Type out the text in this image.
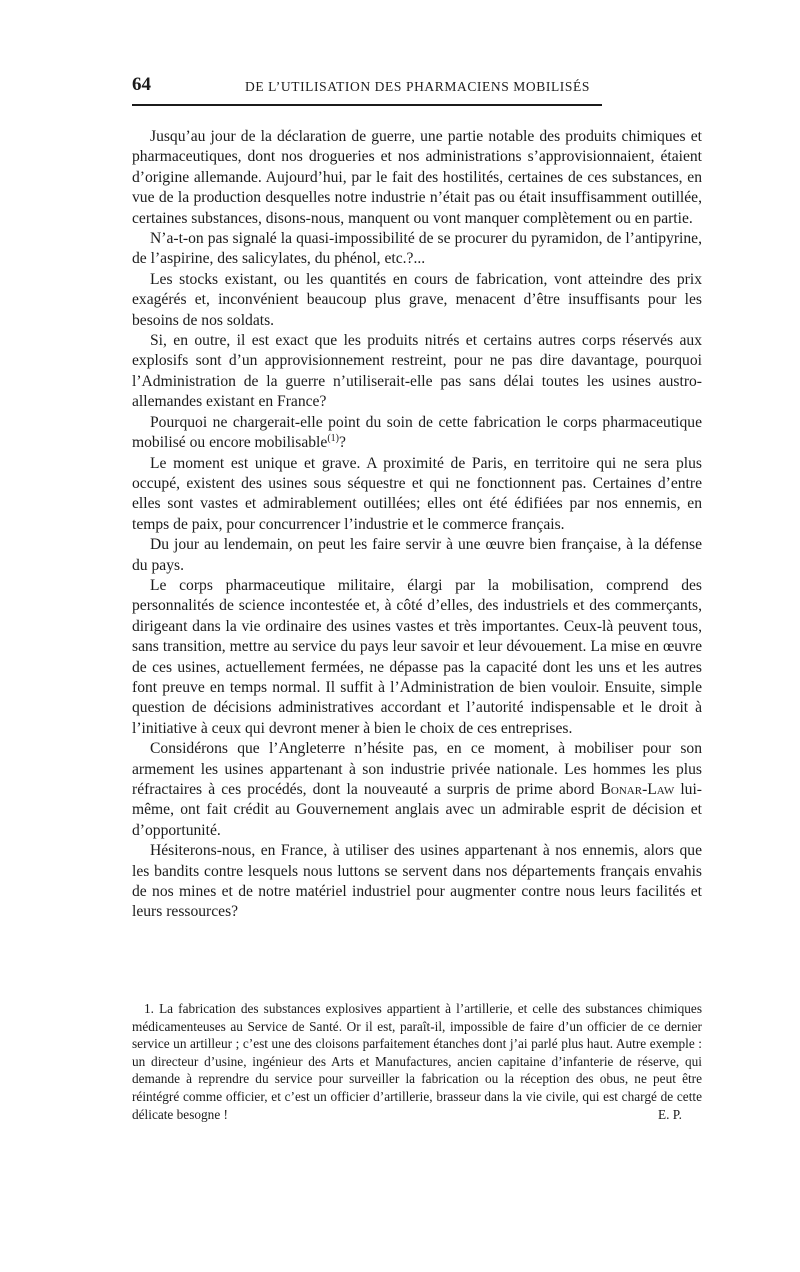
64	DE L’UTILISATION DES PHARMACIENS MOBILISÉS

Jusqu’au jour de la déclaration de guerre, une partie notable des produits chimiques et pharmaceutiques, dont nos drogueries et nos administrations s’approvisionnaient, étaient d’origine allemande. Aujourd’hui, par le fait des hostilités, certaines de ces substances, en vue de la production desquelles notre industrie n’était pas ou était insuffisamment outillée, certaines substances, disons-nous, manquent ou vont manquer complètement ou en partie.

N’a-t-on pas signalé la quasi-impossibilité de se procurer du pyramidon, de l’antipyrine, de l’aspirine, des salicylates, du phénol, etc.?...

Les stocks existant, ou les quantités en cours de fabrication, vont atteindre des prix exagérés et, inconvénient beaucoup plus grave, menacent d’être insuffisants pour les besoins de nos soldats.

Si, en outre, il est exact que les produits nitrés et certains autres corps réservés aux explosifs sont d’un approvisionnement restreint, pour ne pas dire davantage, pourquoi l’Administration de la guerre n’utiliserait-elle pas sans délai toutes les usines austro-allemandes existant en France?

Pourquoi ne chargerait-elle point du soin de cette fabrication le corps pharmaceutique mobilisé ou encore mobilisable$^{(1)}$?

Le moment est unique et grave. A proximité de Paris, en territoire qui ne sera plus occupé, existent des usines sous séquestre et qui ne fonctionnent pas. Certaines d’entre elles sont vastes et admirablement outillées; elles ont été édifiées par nos ennemis, en temps de paix, pour concurrencer l’industrie et le commerce français.

Du jour au lendemain, on peut les faire servir à une œuvre bien française, à la défense du pays.

Le corps pharmaceutique militaire, élargi par la mobilisation, comprend des personnalités de science incontestée et, à côté d’elles, des industriels et des commerçants, dirigeant dans la vie ordinaire des usines vastes et très importantes. Ceux-là peuvent tous, sans transition, mettre au service du pays leur savoir et leur dévouement. La mise en œuvre de ces usines, actuellement fermées, ne dépasse pas la capacité dont les uns et les autres font preuve en temps normal. Il suffit à l’Administration de bien vouloir. Ensuite, simple question de décisions administratives accordant et l’autorité indispensable et le droit à l’initiative à ceux qui devront mener à bien le choix de ces entreprises.

Considérons que l’Angleterre n’hésite pas, en ce moment, à mobiliser pour son armement les usines appartenant à son industrie privée nationale. Les hommes les plus réfractaires à ces procédés, dont la nouveauté a surpris de prime abord Bonar-Law lui-même, ont fait crédit au Gouvernement anglais avec un admirable esprit de décision et d’opportunité.

Hésiterons-nous, en France, à utiliser des usines appartenant à nos ennemis, alors que les bandits contre lesquels nous luttons se servent dans nos départements français envahis de nos mines et de notre matériel industriel pour augmenter contre nous leurs facilités et leurs ressources?

1. La fabrication des substances explosives appartient à l’artillerie, et celle des substances chimiques médicamenteuses au Service de Santé. Or il est, paraît-il, impossible de faire d’un officier de ce dernier service un artilleur ; c’est une des cloisons parfaitement étanches dont j’ai parlé plus haut. Autre exemple : un directeur d’usine, ingénieur des Arts et Manufactures, ancien capitaine d’infanterie de réserve, qui demande à reprendre du service pour surveiller la fabrication ou la réception des obus, ne peut être réintégré comme officier, et c’est un officier d’artillerie, brasseur dans la vie civile, qui est chargé de cette délicate besogne !	E. P.
